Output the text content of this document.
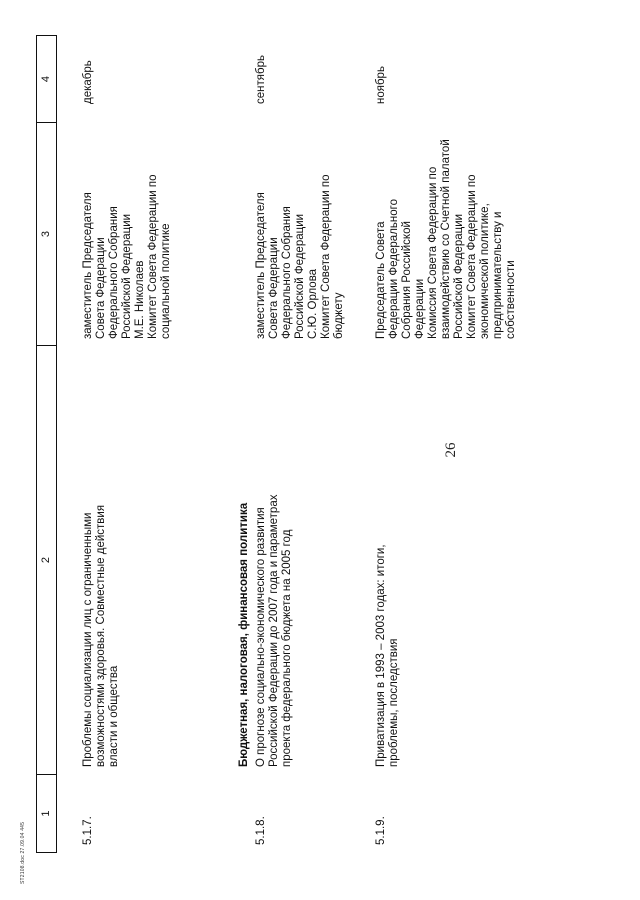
26
1
2
3
4
5.1.7.
Проблемы социализации лиц с ограниченными возможностями здоровья. Совместные действия власти и общества
заместитель Председателя
Совета Федерации
Федерального Собрания
Российской Федерации
М.Е. Николаев
Комитет Совета Федерации по социальной политике
декабрь
Бюджетная, налоговая, финансовая политика
5.1.8.
О прогнозе социально-экономического развития Российской Федерации до 2007 года и параметрах проекта федерального бюджета на 2005 год
заместитель Председателя
Совета Федерации
Федерального Собрания
Российской Федерации
С.Ю. Орлова
Комитет Совета Федерации по бюджету
сентябрь
5.1.9.
Приватизация в 1993 – 2003 годах: итоги, проблемы, последствия
Председатель Совета
Федерации Федерального
Собрания Российской
Федерации
Комиссия Совета Федерации по взаимодействию со Счетной палатой Российской Федерации
Комитет Совета Федерации по экономической политике, предпринимательству и собственности
ноябрь
ST2108.doc 27.09.04 445
